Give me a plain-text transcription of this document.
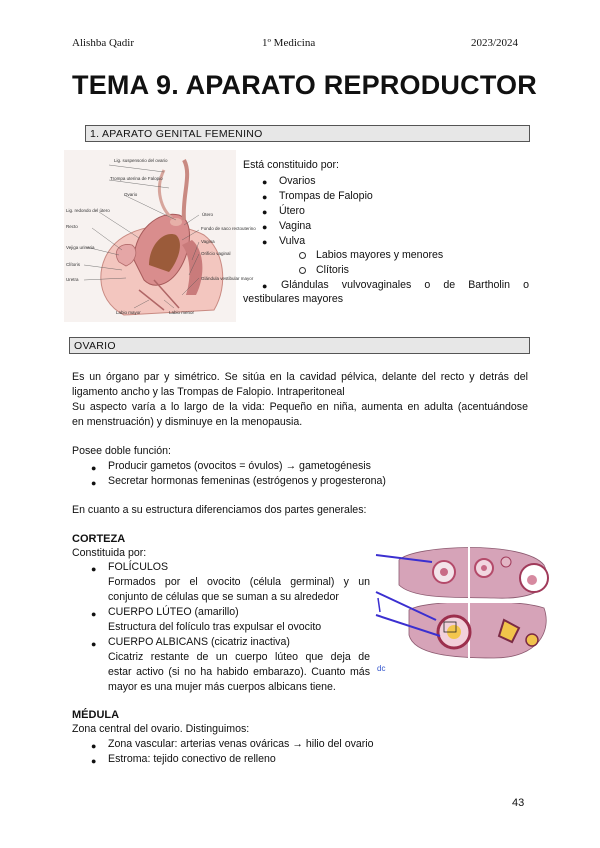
Alishba Qadir	1º Medicina	2023/2024
TEMA 9. APARATO REPRODUCTOR
1. APARATO GENITAL FEMENINO
Lig. suspensorio del ovario
Trompa uterina de Falopio
Ovario
Útero
Lig. redondo del útero
Vejiga urinaria
Clítoris
Uretra
Recto	Fondo de saco rectouterino
Vagina
Orificio vaginal
Glándula vestibular mayor
Labio mayor	Labio menor
Está constituido por:
● Ovarios
● Trompas de Falopio
● Útero
● Vagina
● Vulva
Labios mayores y menores
Clítoris
● Glándulas vulvovaginales o de Bartholin o
vestibulares mayores
OVARIO
Es un órgano par y simétrico. Se sitúa en la cavidad pélvica, delante del recto y detrás del
ligamento ancho y las Trompas de Falopio. Intraperitoneal
Su aspecto varía a lo largo de la vida: Pequeño en niña, aumenta en adulta (acentuándose
en menstruación) y disminuye en la menopausia.
Posee doble función:
● Producir gametos (ovocitos = óvulos) → gametogénesis
● Secretar hormonas femeninas (estrógenos y progesterona)
En cuanto a su estructura diferenciamos dos partes generales:
CORTEZA
Constituida por:
● FOLÍCULOS
Formados por el ovocito (célula germinal) y un
conjunto de células que se suman a su alrededor
● CUERPO LÚTEO (amarillo)
Estructura del folículo tras expulsar el ovocito
● CUERPO ALBICANS (cicatriz inactiva)
Cicatriz restante de un cuerpo lúteo que deja de
estar activo (si no ha habido embarazo). Cuanto más
mayor es una mujer más cuerpos albicans tiene.
dc
MÉDULA
Zona central del ovario. Distinguimos:
● Zona vascular: arterias venas ováricas → hilio del ovario
● Estroma: tejido conectivo de relleno
43
